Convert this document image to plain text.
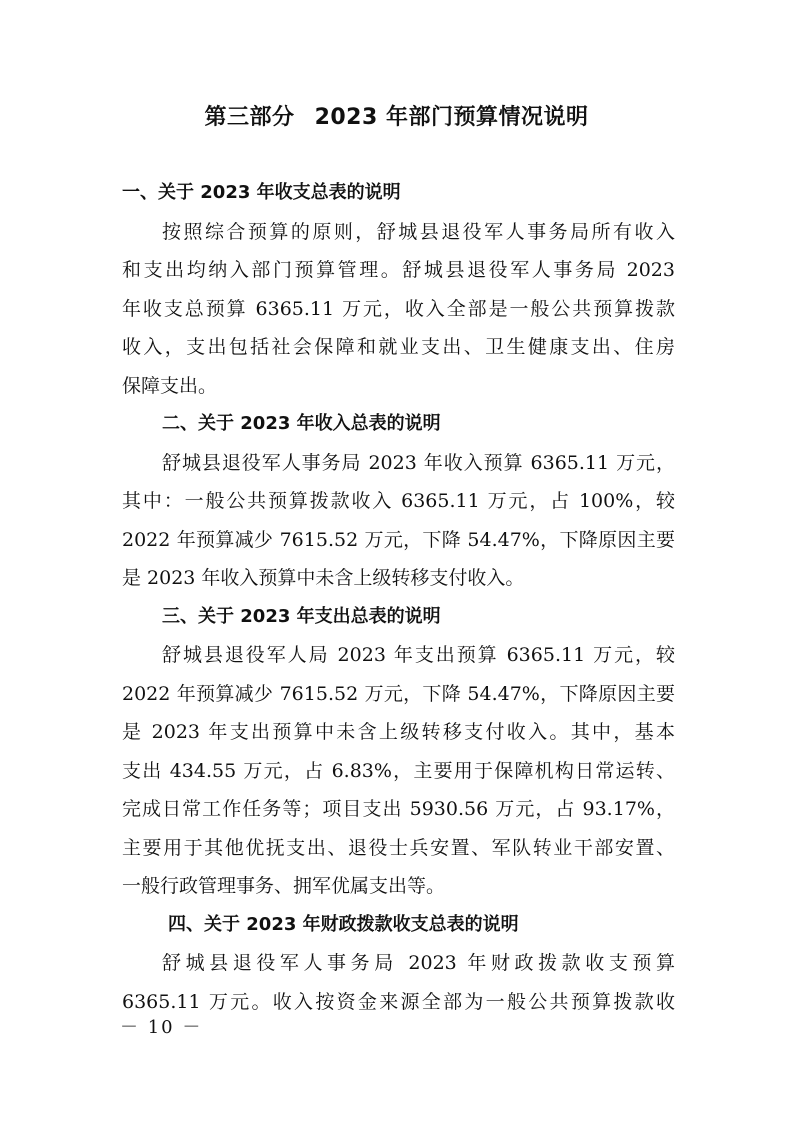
第三部分 2023 年部门预算情况说明
一、关于 2023 年收支总表的说明
按照综合预算的原则，舒城县退役军人事务局所有收入
和支出均纳入部门预算管理。舒城县退役军人事务局 2023
年收支总预算 6365.11 万元，收入全部是一般公共预算拨款
收入，支出包括社会保障和就业支出、卫生健康支出、住房
保障支出。
二、关于 2023 年收入总表的说明
舒城县退役军人事务局 2023 年收入预算 6365.11 万元，
其中：一般公共预算拨款收入 6365.11 万元，占 100%，较
2022 年预算减少 7615.52 万元，下降 54.47%，下降原因主要
是 2023 年收入预算中未含上级转移支付收入。
三、关于 2023 年支出总表的说明
舒城县退役军人局 2023 年支出预算 6365.11 万元，较
2022 年预算减少 7615.52 万元，下降 54.47%，下降原因主要
是 2023 年支出预算中未含上级转移支付收入。其中，基本
支出 434.55 万元，占 6.83%，主要用于保障机构日常运转、
完成日常工作任务等；项目支出 5930.56 万元，占 93.17%，
主要用于其他优抚支出、退役士兵安置、军队转业干部安置、
一般行政管理事务、拥军优属支出等。
四、关于 2023 年财政拨款收支总表的说明
舒城县退役军人事务局 2023 年财政拨款收支预算
6365.11 万元。收入按资金来源全部为一般公共预算拨款收
－ 10 －
